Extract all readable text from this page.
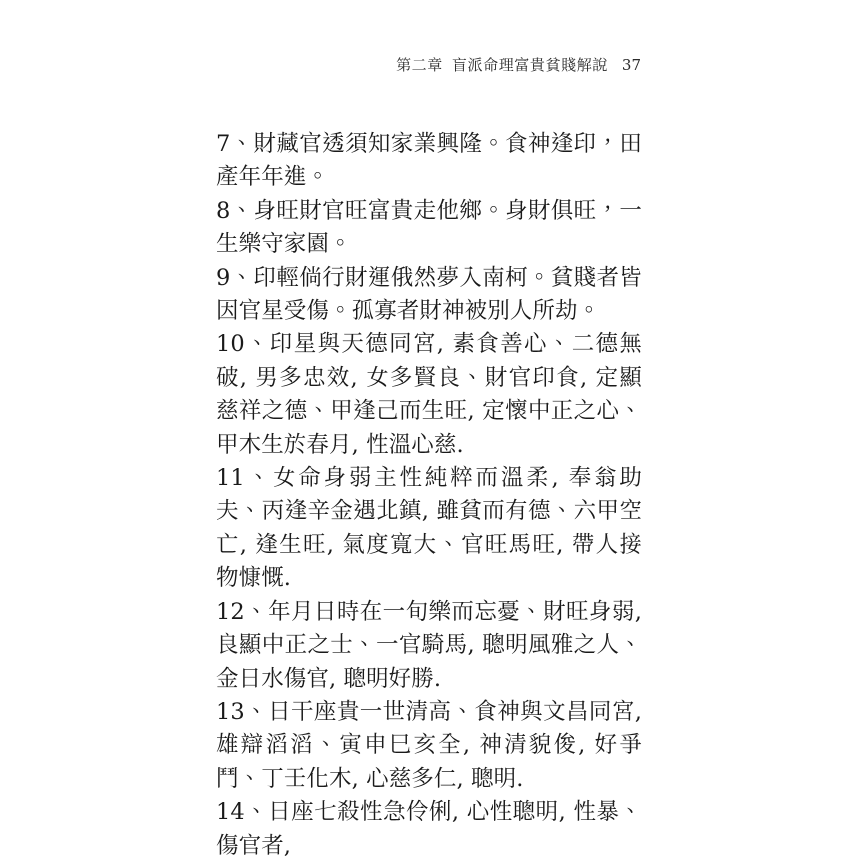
第二章 盲派命理富貴貧賤解說 37

7、財藏官透須知家業興隆。食神逢印，田產年年進。

8、身旺財官旺富貴走他鄉。身財俱旺，一生樂守家園。

9、印輕倘行財運俄然夢入南柯。貧賤者皆因官星受傷。孤寡者財神被別人所劫。

10、印星與天德同宮, 素食善心、二德無破, 男多忠效, 女多賢良、財官印食, 定顯慈祥之德、甲逢己而生旺, 定懷中正之心、甲木生於春月, 性溫心慈.

11、女命身弱主性純粹而溫柔, 奉翁助夫、丙逢辛金遇北鎮, 雖貧而有德、六甲空亡, 逢生旺, 氣度寬大、官旺馬旺, 帶人接物慷慨.

12、年月日時在一旬樂而忘憂、財旺身弱, 良顯中正之士、一官騎馬, 聰明風雅之人、金日水傷官, 聰明好勝.

13、日干座貴一世清高、食神與文昌同宮, 雄辯滔滔、寅申巳亥全, 神清貌俊, 好爭鬥、丁壬化木, 心慈多仁, 聰明.

14、日座七殺性急伶俐, 心性聰明, 性暴、傷官者,
